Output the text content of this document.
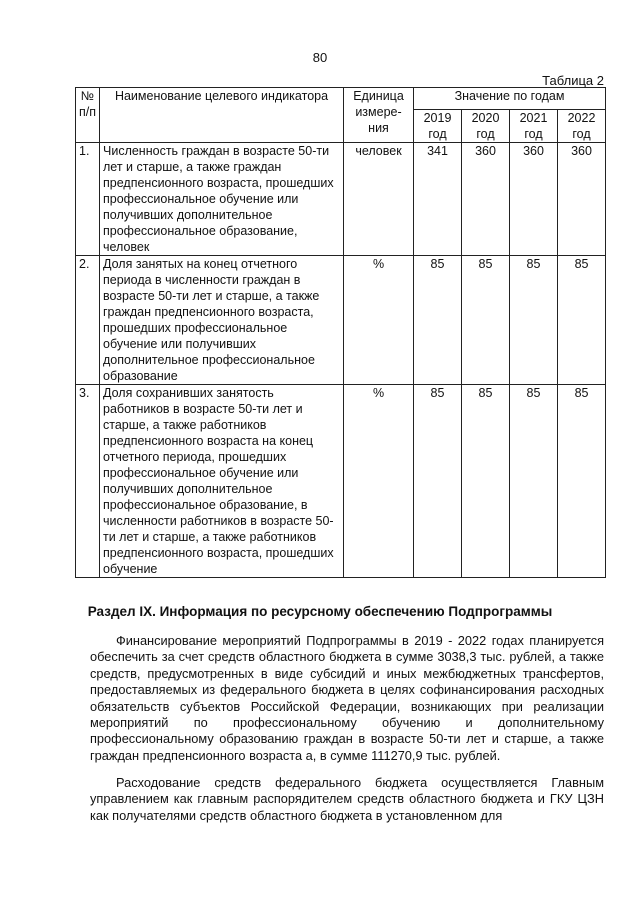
80
Таблица 2
№ п/п	Наименование целевого индикатора	Единица измере-ния	Значение по годам			
			2019 год	2020 год	2021 год	2022 год
1.	Численность граждан в возрасте 50-ти лет и старше, а также граждан предпенсионного возраста, прошедших профессиональное обучение или получивших дополнительное профессиональное образование, человек	человек	341	360	360	360
2.	Доля занятых на конец отчетного периода в численности граждан в возрасте 50-ти лет и старше, а также граждан предпенсионного возраста, прошедших профессиональное обучение или получивших дополнительное профессиональное образование	%	85	85	85	85
3.	Доля сохранивших занятость работников в возрасте 50-ти лет и старше, а также работников предпенсионного возраста на конец отчетного периода, прошедших профессиональное обучение или получивших дополнительное профессиональное образование, в численности работников в возрасте 50-ти лет и старше, а также работников предпенсионного возраста, прошедших обучение	%	85	85	85	85
Раздел IX. Информация по ресурсному обеспечению Подпрограммы

Финансирование мероприятий Подпрограммы в 2019 - 2022 годах планируется обеспечить за счет средств областного бюджета в сумме 3038,3 тыс. рублей, а также средств, предусмотренных в виде субсидий и иных межбюджетных трансфертов, предоставляемых из федерального бюджета в целях софинансирования расходных обязательств субъектов Российской Федерации, возникающих при реализации мероприятий по профессиональному обучению и дополнительному профессиональному образованию граждан в возрасте 50-ти лет и старше, а также граждан предпенсионного возраста а, в сумме 111270,9 тыс. рублей.

Расходование средств федерального бюджета осуществляется Главным управлением как главным распорядителем средств областного бюджета и ГКУ ЦЗН как получателями средств областного бюджета в установленном для
